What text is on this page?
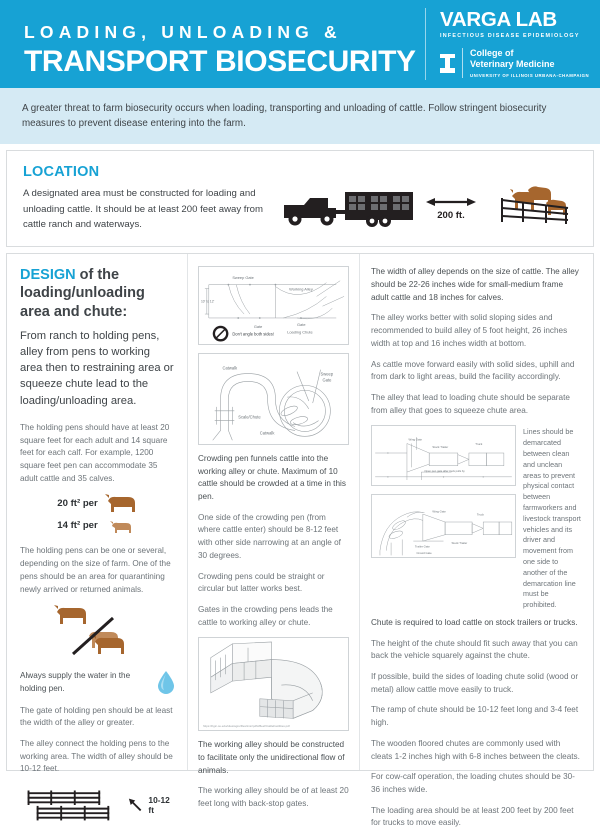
LOADING, UNLOADING &
TRANSPORT BIOSECURITY
VARGA LAB
INFECTIOUS DISEASE EPIDEMIOLOGY
College of
Veterinary Medicine
UNIVERSITY OF ILLINOIS URBANA-CHAMPAIGN
A greater threat to farm biosecurity occurs when loading, transporting and unloading of cattle. Follow stringent biosecurity measures to prevent disease entering into the farm.
LOCATION
A designated area must be constructed for loading and unloading cattle. It should be at least 200 feet away from cattle ranch and waterways.
200 ft.
DESIGN of the loading/unloading area and chute:
From ranch to holding pens, alley from pens to working area then to restraining area or squeeze chute lead to the loading/unloading area.
The holding pens should have at least 20 square feet for each adult and 14 square feet for each calf. For example, 1200 square feet pen can accommodate 35 adult cattle and 35 calves.
20 ft² per
14 ft² per
The holding pens can be one or several, depending on the size of farm. One of the pens should be an area for quarantining newly arrived or returned animals.
Always supply the water in the holding pen.
The gate of holding pen should be at least the width of the alley or greater.
The alley connect the holding pens to the working area. The width of alley should be 10-12 feet.
10-12 ft
Sweep Gate
Working Alley
Gate	Gate
Loading Chute
10' to 12'
Don't angle both sides!
Catwalk
Sweep
Gate
Scale/Chute
Catwalk
Crowding pen funnels cattle into the working alley or chute. Maximum of 10 cattle should be crowded at a time in this pen.
One side of the crowding pen (from where cattle enter) should be 8-12 feet with other side narrowing at an angle of 30 degrees.
Crowding pens could be straight or circular but latter works best.
Gates in the crowding pens leads the cattle to working alley or chute.
https://hgic.ou.edu/sites/agre/files/imsr/pdfs/Beef/CattleFacilities.pdf
The working alley should be constructed to facilitate only the unidirectional flow of animals.
The working alley should be of at least 20 feet long with back-stop gates.
The width of alley depends on the size of cattle. The alley should be 22-26 inches wide for small-medium frame adult cattle and 18 inches for calves.
The alley works better with solid sloping sides and recommended to build alley of 5 foot height, 26 inches width at top and 16 inches width at bottom.
As cattle move forward easily with solid sides, uphill and from dark to light areas, build the facility accordingly.
The alley that lead to loading chute should be separate from alley that goes to squeeze chute area.
Wing Gate
Stock Trailer
Truck
Open pen gate after truck pulls by
Wing Gate
Truck
Trailer Gate
Crowd Gate
Stock Trailer
Lines should be demarcated between clean and unclean areas to prevent physical contact between farmworkers and livestock transport vehicles and its driver and movement from one side to another of the demarcation line must be prohibited.
Chute is required to load cattle on stock trailers or trucks.
The height of the chute should fit such away that you can back the vehicle squarely against the chute.
If possible, build the sides of loading chute solid (wood or metal) allow cattle move easily to truck.
The ramp of chute should be 10-12 feet long and 3-4 feet high.
The wooden floored chutes are commonly used with cleats 1-2 inches high with 6-8 inches between the cleats.
For cow-calf operation, the loading chutes should be 30-36 inches wide.
The loading area should be at least 200 feet by 200 feet for trucks to move easily.
